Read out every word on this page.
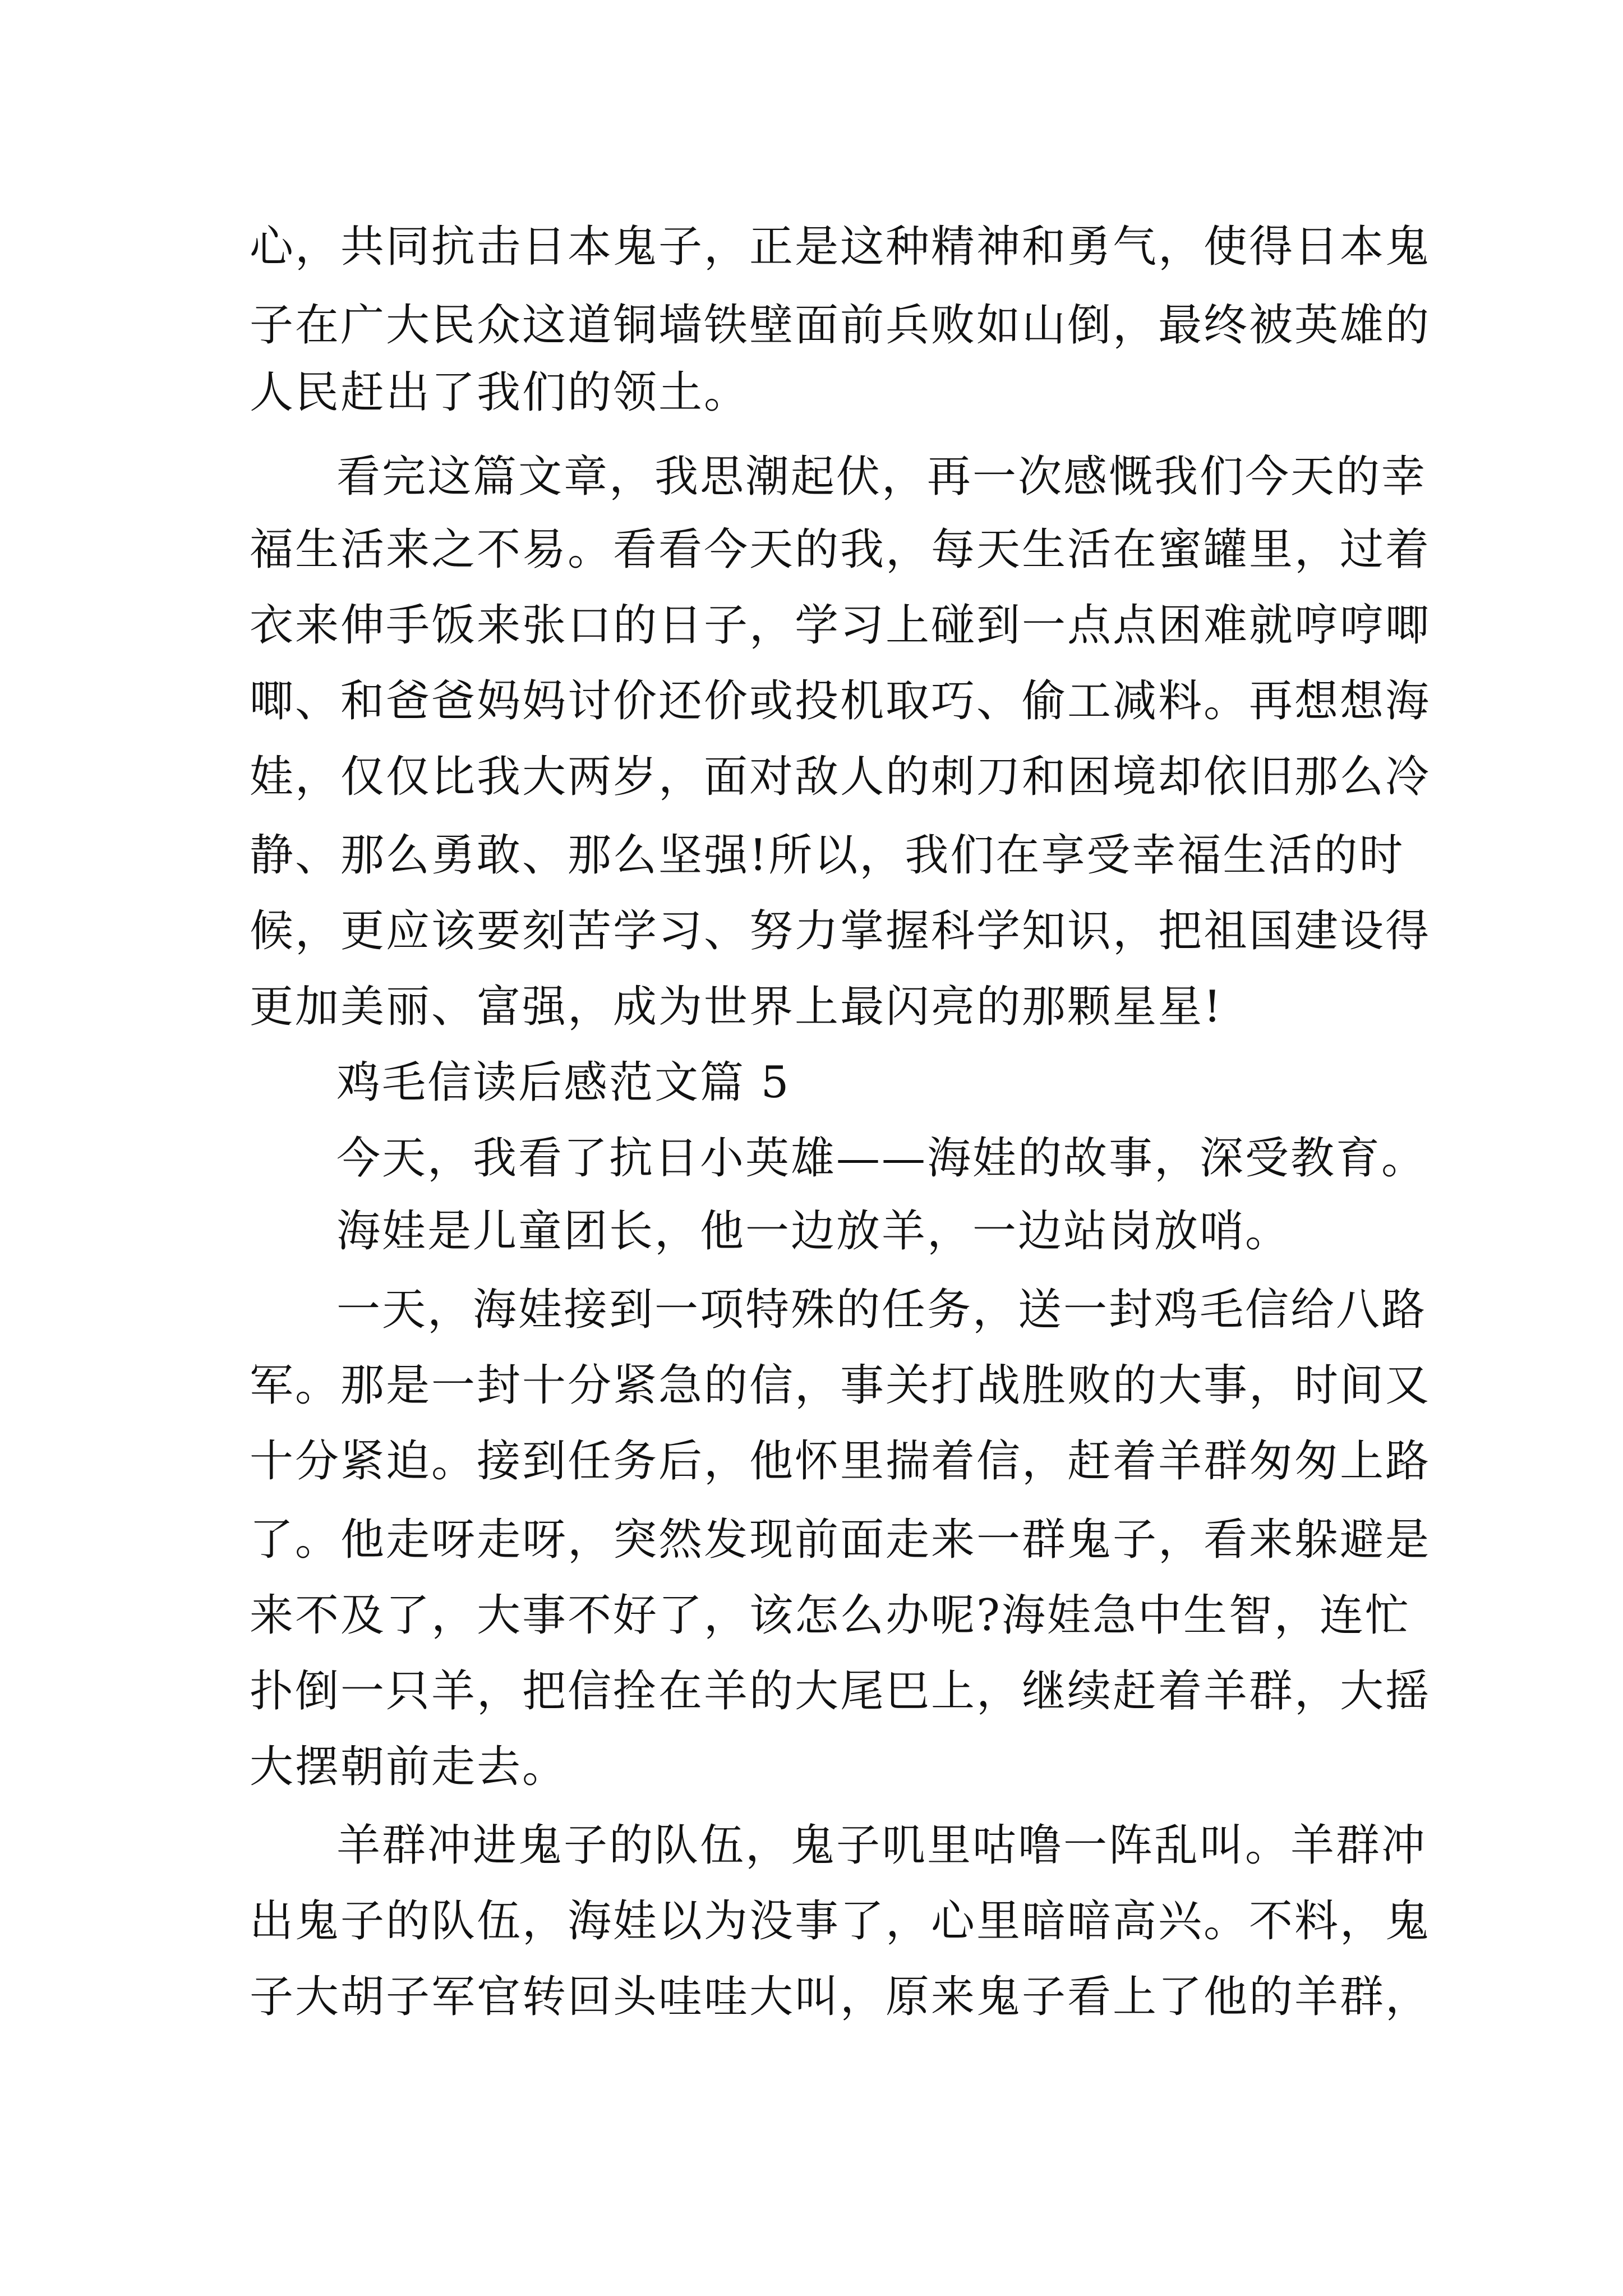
心，共同抗击日本鬼子，正是这种精神和勇气，使得日本鬼
子在广大民众这道铜墙铁壁面前兵败如山倒，最终被英雄的
人民赶出了我们的领土。
看完这篇文章，我思潮起伏，再一次感慨我们今天的幸
福生活来之不易。看看今天的我，每天生活在蜜罐里，过着
衣来伸手饭来张口的日子，学习上碰到一点点困难就哼哼唧
唧、和爸爸妈妈讨价还价或投机取巧、偷工减料。再想想海
娃，仅仅比我大两岁，面对敌人的刺刀和困境却依旧那么冷
静、那么勇敢、那么坚强!所以，我们在享受幸福生活的时
候，更应该要刻苦学习、努力掌握科学知识，把祖国建设得
更加美丽、富强，成为世界上最闪亮的那颗星星!
鸡毛信读后感范文篇 5
今天，我看了抗日小英雄——海娃的故事，深受教育。
海娃是儿童团长，他一边放羊，一边站岗放哨。
一天，海娃接到一项特殊的任务，送一封鸡毛信给八路
军。那是一封十分紧急的信，事关打战胜败的大事，时间又
十分紧迫。接到任务后，他怀里揣着信，赶着羊群匆匆上路
了。他走呀走呀，突然发现前面走来一群鬼子，看来躲避是
来不及了，大事不好了，该怎么办呢?海娃急中生智，连忙
扑倒一只羊，把信拴在羊的大尾巴上，继续赶着羊群，大摇
大摆朝前走去。
羊群冲进鬼子的队伍，鬼子叽里咕噜一阵乱叫。羊群冲
出鬼子的队伍，海娃以为没事了，心里暗暗高兴。不料，鬼
子大胡子军官转回头哇哇大叫，原来鬼子看上了他的羊群，
